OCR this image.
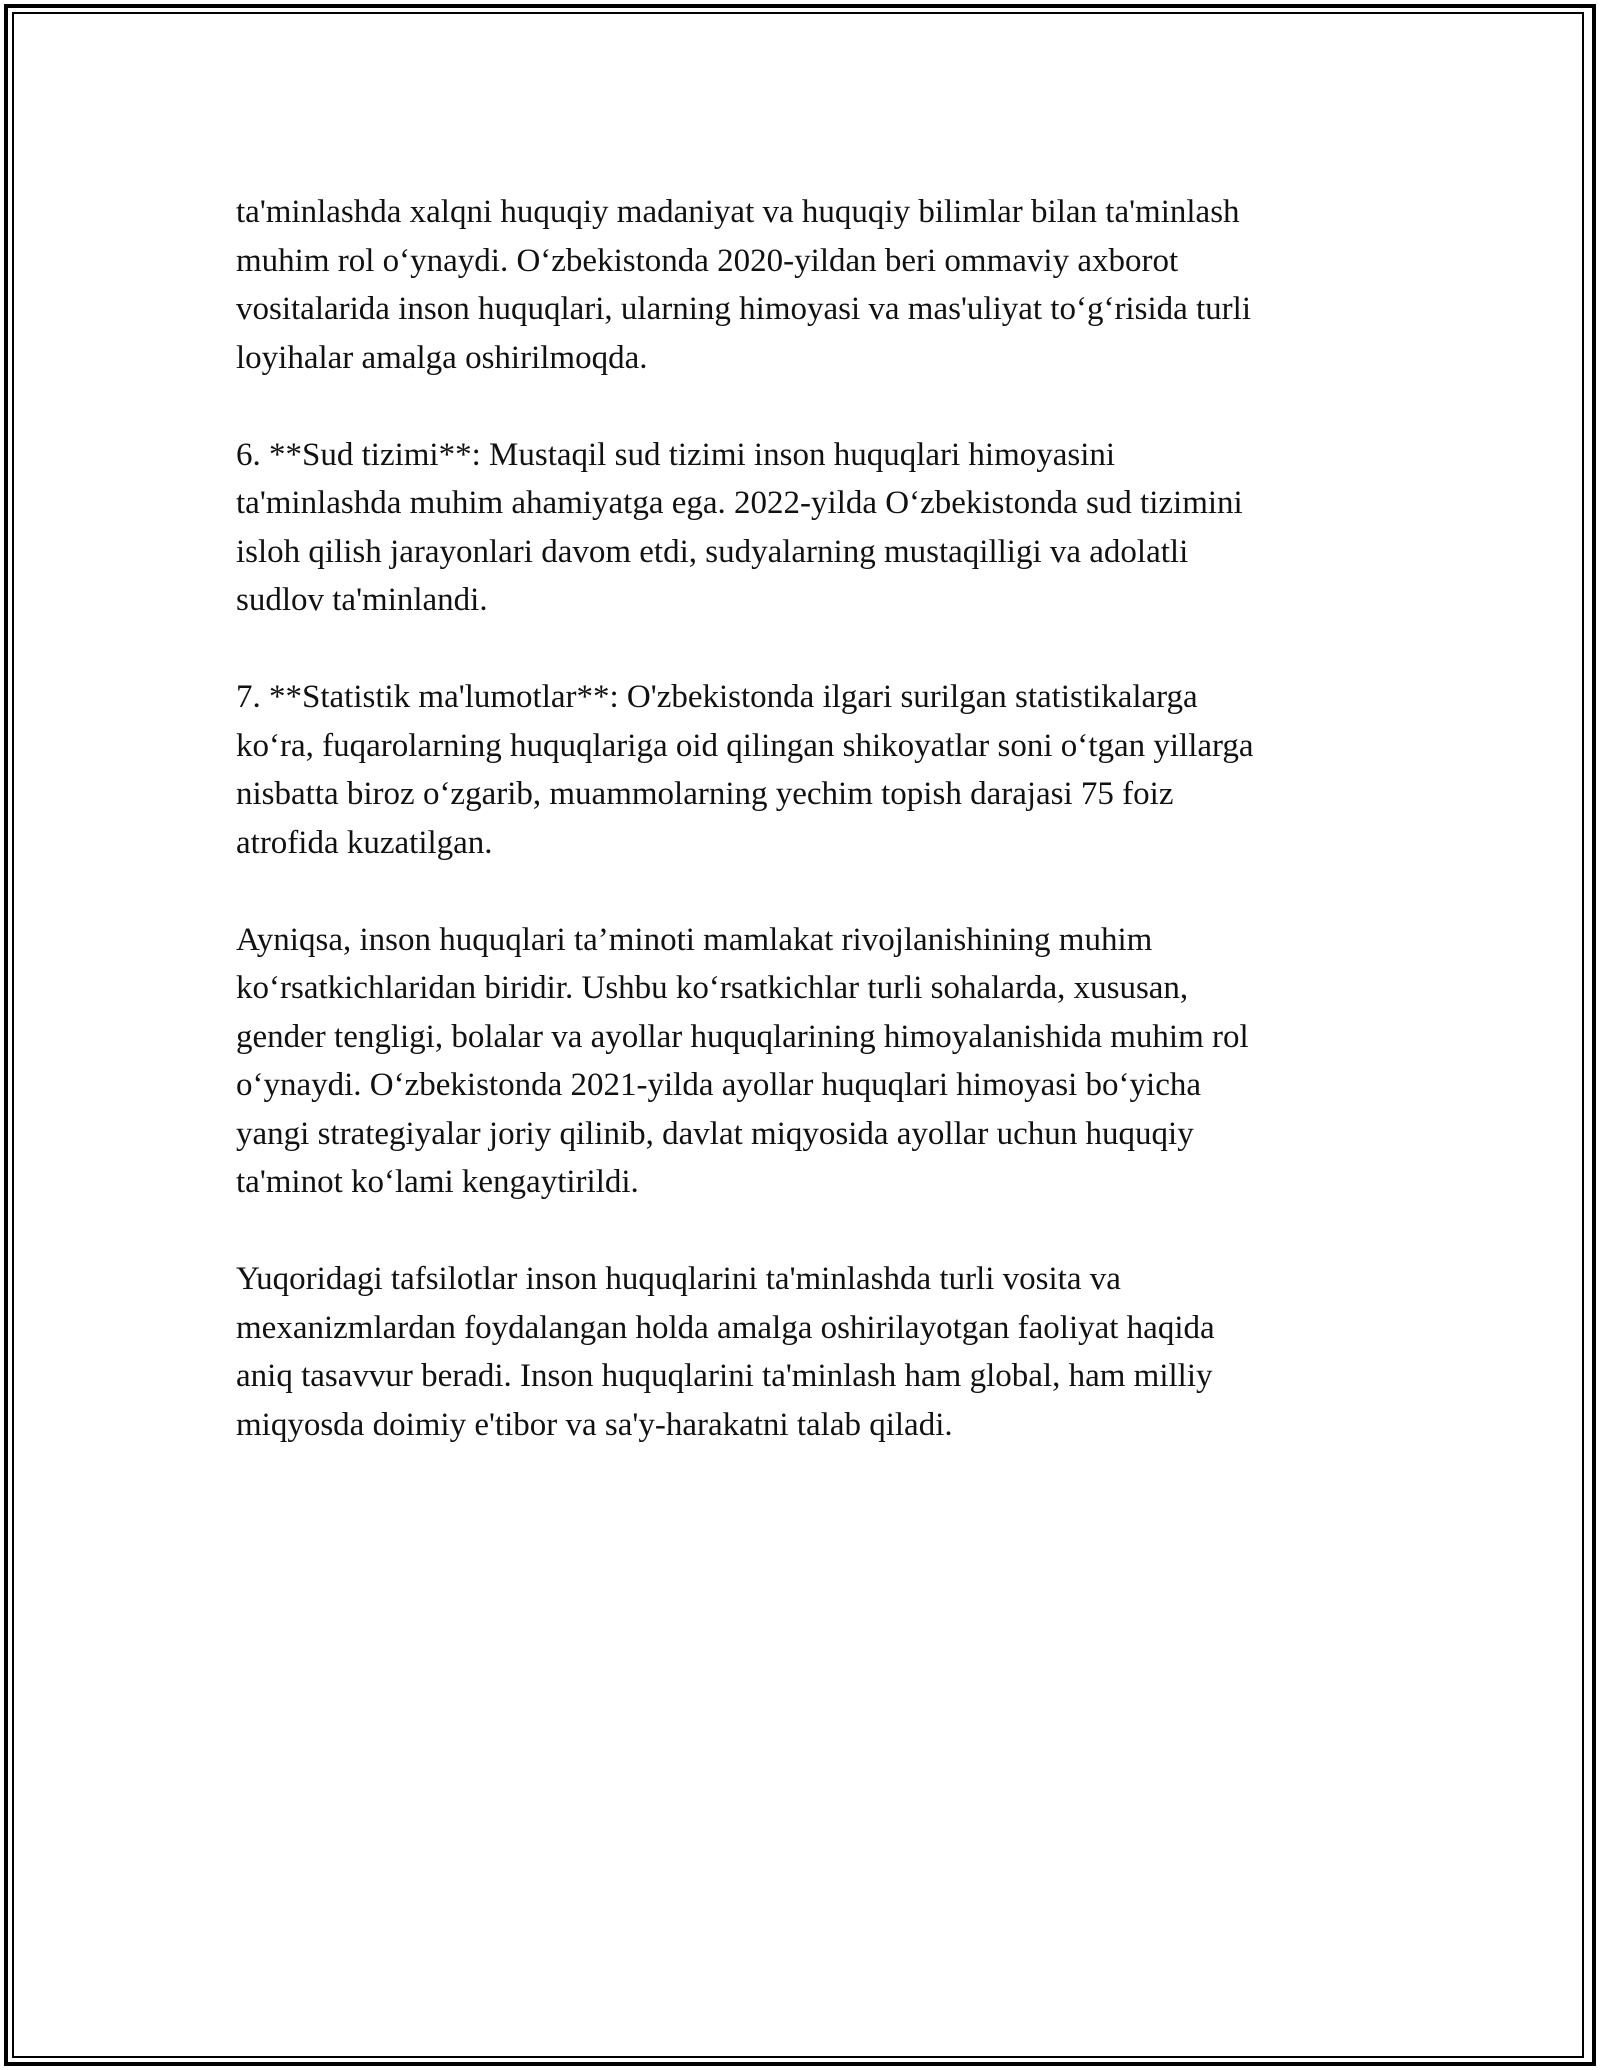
ta'minlashda xalqni huquqiy madaniyat va huquqiy bilimlar bilan ta'minlash
muhim rol o‘ynaydi. O‘zbekistonda 2020-yildan beri ommaviy axborot
vositalarida inson huquqlari, ularning himoyasi va mas'uliyat to‘g‘risida turli
loyihalar amalga oshirilmoqda.

6. **Sud tizimi**: Mustaqil sud tizimi inson huquqlari himoyasini
ta'minlashda muhim ahamiyatga ega. 2022-yilda O‘zbekistonda sud tizimini
isloh qilish jarayonlari davom etdi, sudyalarning mustaqilligi va adolatli
sudlov ta'minlandi.

7. **Statistik ma'lumotlar**: O'zbekistonda ilgari surilgan statistikalarga
ko‘ra, fuqarolarning huquqlariga oid qilingan shikoyatlar soni o‘tgan yillarga
nisbatta biroz o‘zgarib, muammolarning yechim topish darajasi 75 foiz
atrofida kuzatilgan.

Ayniqsa, inson huquqlari ta’minoti mamlakat rivojlanishining muhim
ko‘rsatkichlaridan biridir. Ushbu ko‘rsatkichlar turli sohalarda, xususan,
gender tengligi, bolalar va ayollar huquqlarining himoyalanishida muhim rol
o‘ynaydi. O‘zbekistonda 2021-yilda ayollar huquqlari himoyasi bo‘yicha
yangi strategiyalar joriy qilinib, davlat miqyosida ayollar uchun huquqiy
ta'minot ko‘lami kengaytirildi.

Yuqoridagi tafsilotlar inson huquqlarini ta'minlashda turli vosita va
mexanizmlardan foydalangan holda amalga oshirilayotgan faoliyat haqida
aniq tasavvur beradi. Inson huquqlarini ta'minlash ham global, ham milliy
miqyosda doimiy e'tibor va sa'y-harakatni talab qiladi.
